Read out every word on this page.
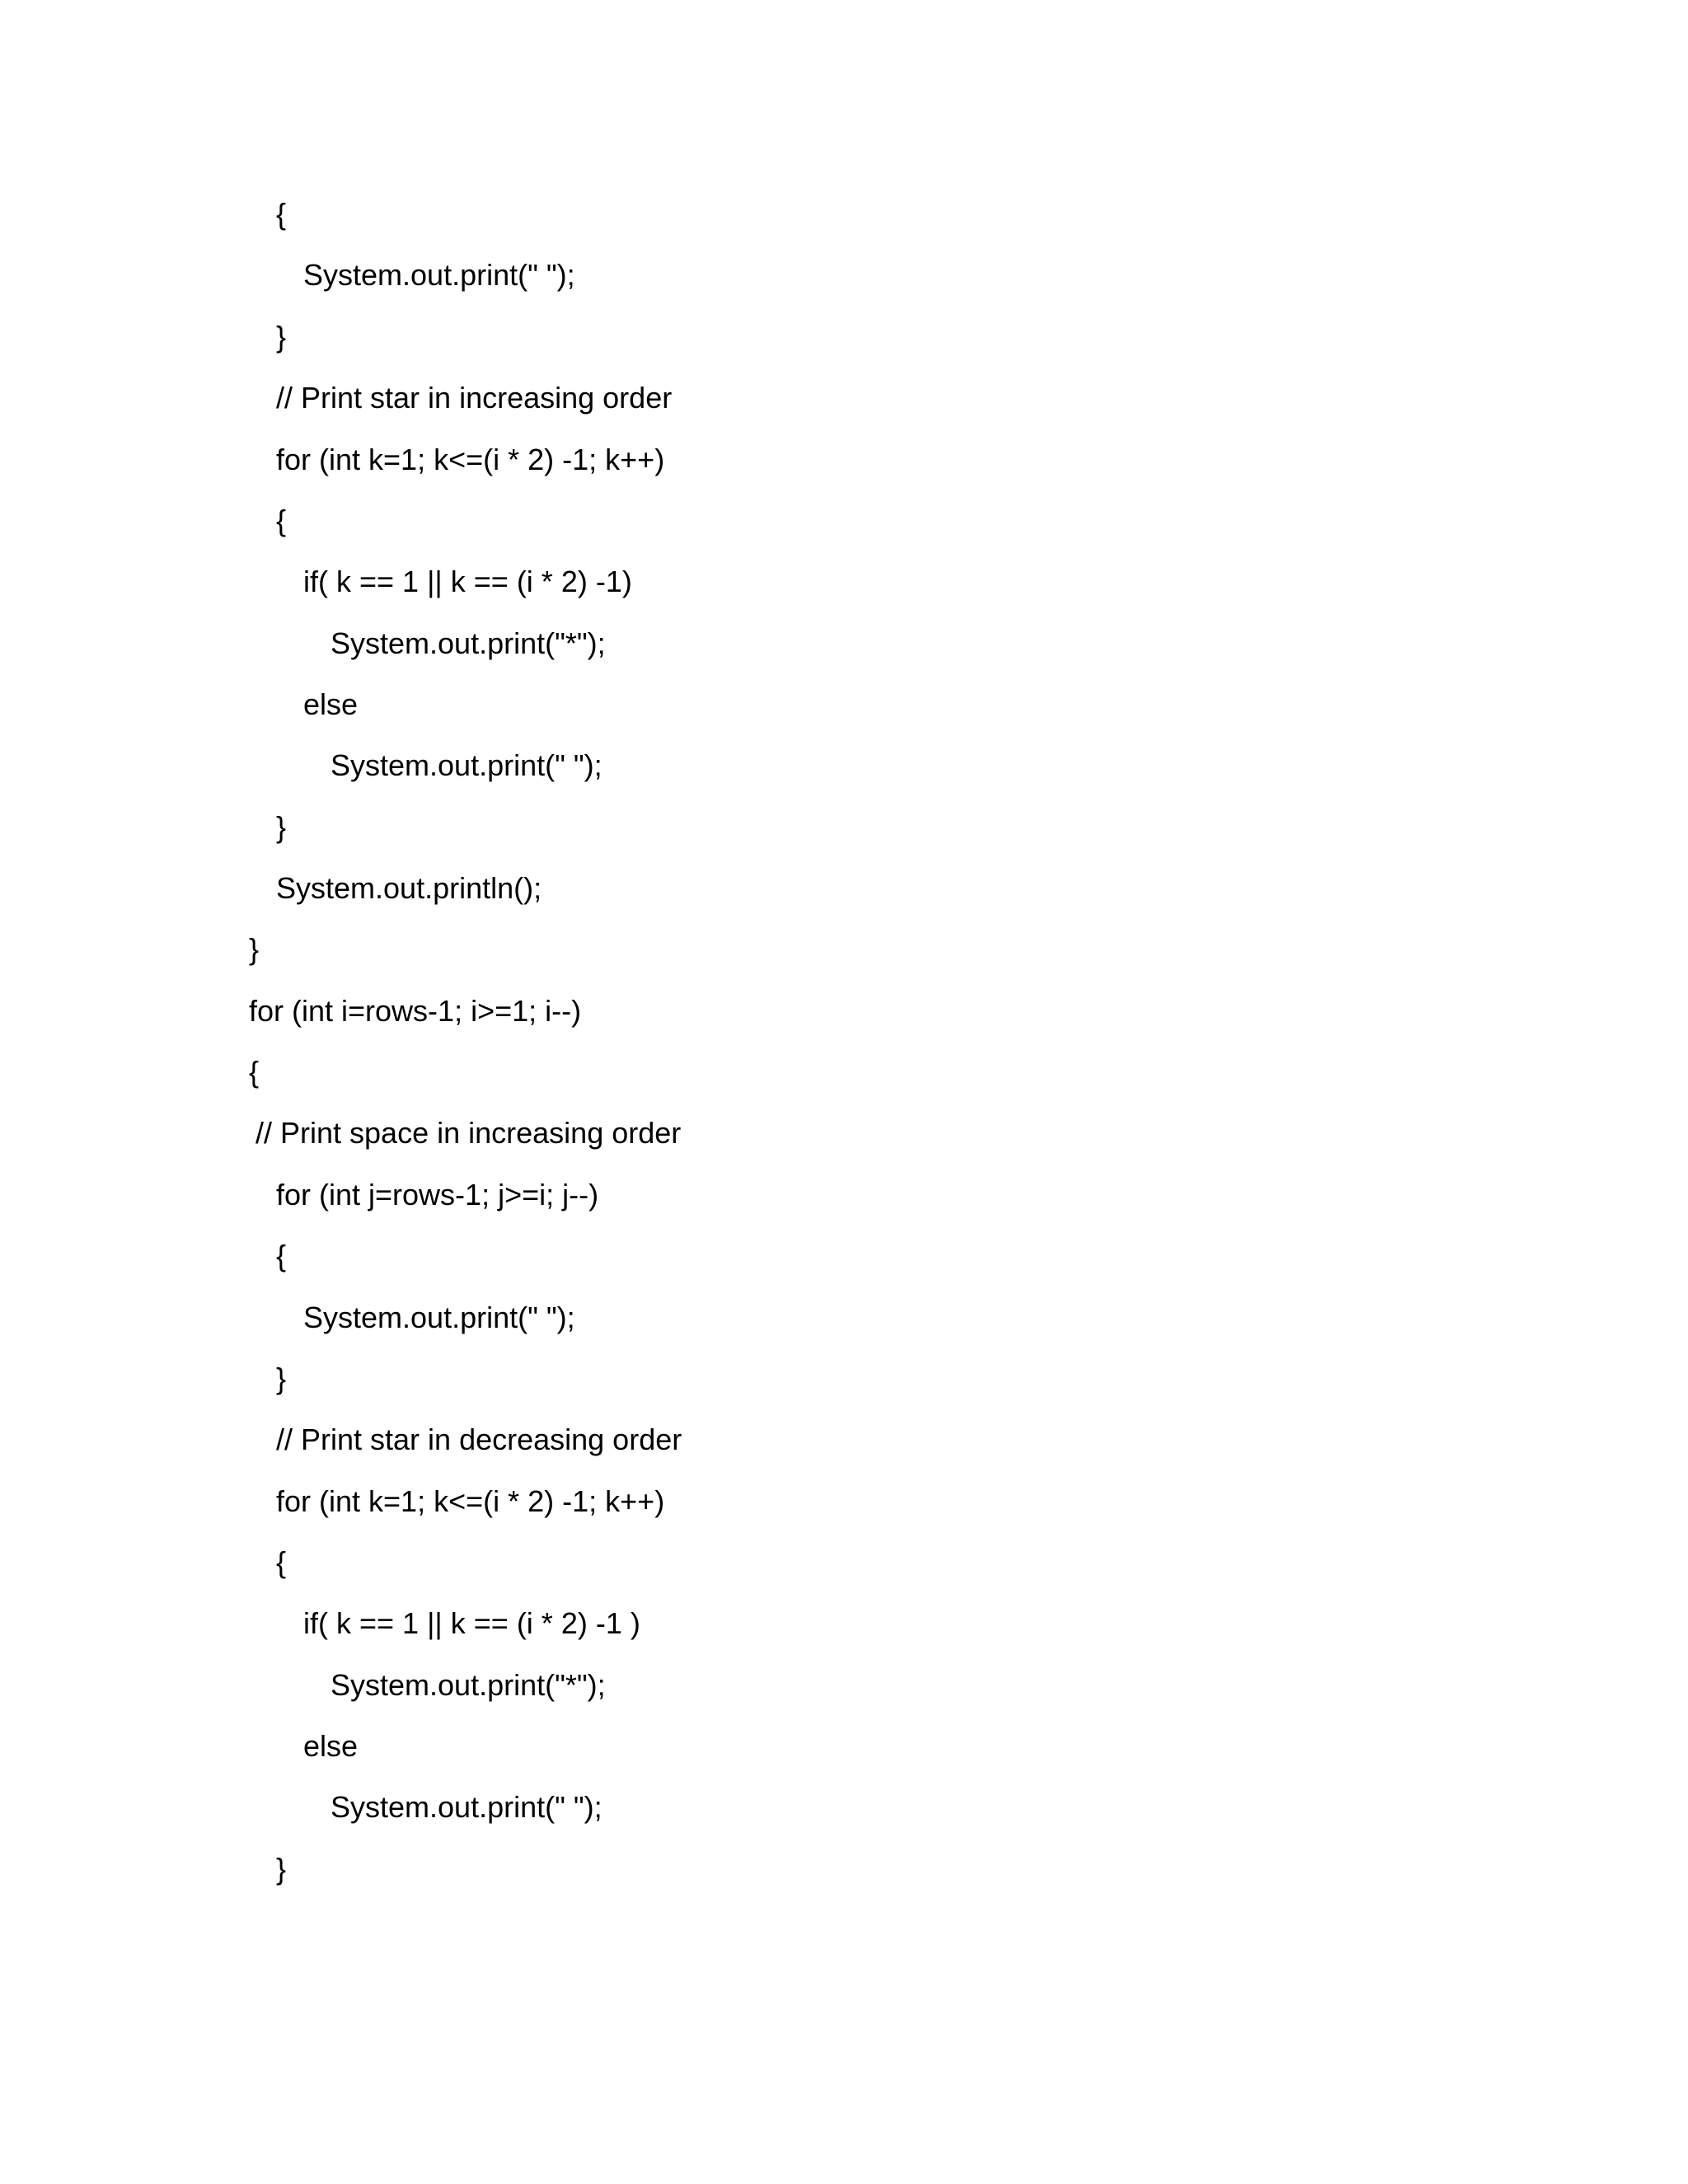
{
System.out.print(" ");
}
// Print star in increasing order
for (int k=1; k<=(i * 2) -1; k++)
{
if( k == 1 || k == (i * 2) -1)
System.out.print("*");
else
System.out.print(" ");
}
System.out.println();
}
for (int i=rows-1; i>=1; i--)
{
// Print space in increasing order
for (int j=rows-1; j>=i; j--)
{
System.out.print(" ");
}
// Print star in decreasing order
for (int k=1; k<=(i * 2) -1; k++)
{
if( k == 1 || k == (i * 2) -1 )
System.out.print("*");
else
System.out.print(" ");
}
